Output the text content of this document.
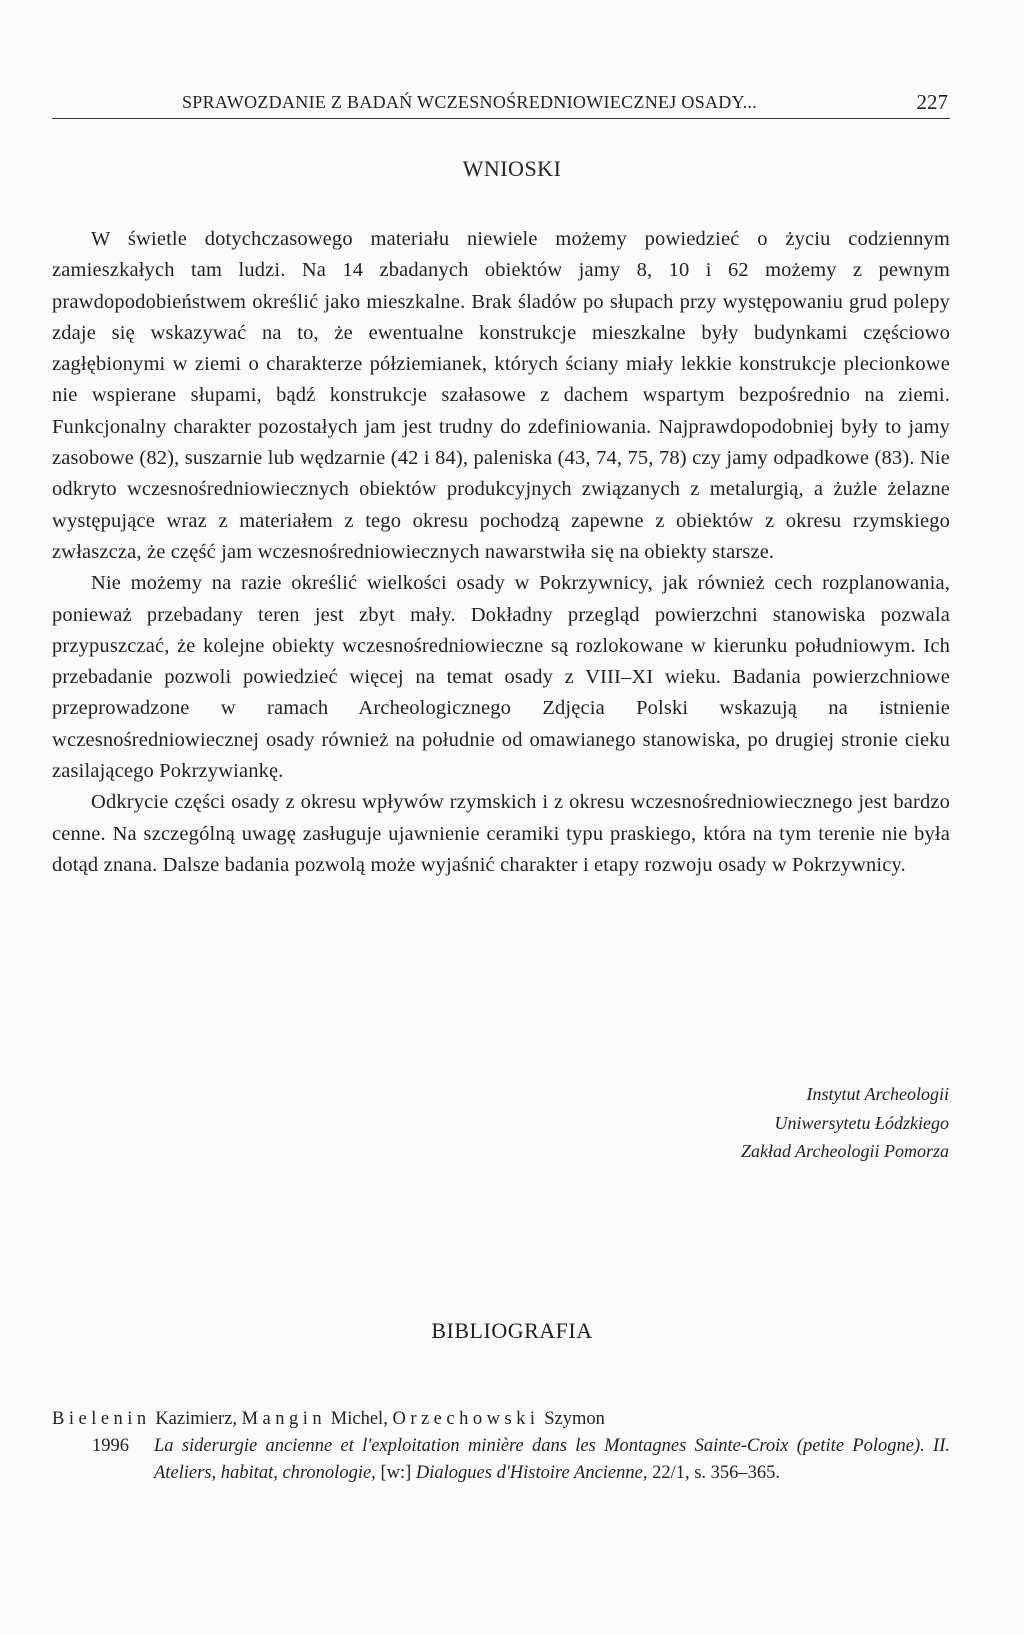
SPRAWOZDANIE Z BADAŃ WCZESNOŚREDNIOWIECZNEJ OSADY...	227
WNIOSKI

W świetle dotychczasowego materiału niewiele możemy powiedzieć o życiu codziennym zamieszkałych tam ludzi. Na 14 zbadanych obiektów jamy 8, 10 i 62 możemy z pewnym prawdopodobieństwem określić jako mieszkalne. Brak śladów po słupach przy występowaniu grud polepy zdaje się wskazywać na to, że ewentualne konstrukcje mieszkalne były budynkami częściowo zagłębionymi w ziemi o charakterze półziemianek, których ściany miały lekkie konstrukcje plecionkowe nie wspierane słupami, bądź konstrukcje szałasowe z dachem wspartym bezpośrednio na ziemi. Funkcjonalny charakter pozostałych jam jest trudny do zdefiniowania. Najprawdopodobniej były to jamy zasobowe (82), suszarnie lub wędzarnie (42 i 84), paleniska (43, 74, 75, 78) czy jamy odpadkowe (83). Nie odkryto wczesnośredniowiecznych obiektów produkcyjnych związanych z metalurgią, a żużle żelazne występujące wraz z materiałem z tego okresu pochodzą zapewne z obiektów z okresu rzymskiego zwłaszcza, że część jam wczesnośredniowiecznych nawarstwiła się na obiekty starsze.

Nie możemy na razie określić wielkości osady w Pokrzywnicy, jak również cech rozplanowania, ponieważ przebadany teren jest zbyt mały. Dokładny przegląd powierzchni stanowiska pozwala przypuszczać, że kolejne obiekty wczesnośredniowieczne są rozlokowane w kierunku południowym. Ich przebadanie pozwoli powiedzieć więcej na temat osady z VIII–XI wieku. Badania powierzchniowe przeprowadzone w ramach Archeologicznego Zdjęcia Polski wskazują na istnienie wczesnośredniowiecznej osady również na południe od omawianego stanowiska, po drugiej stronie cieku zasilającego Pokrzywiankę.

Odkrycie części osady z okresu wpływów rzymskich i z okresu wczesnośredniowiecznego jest bardzo cenne. Na szczególną uwagę zasługuje ujawnienie ceramiki typu praskiego, która na tym terenie nie była dotąd znana. Dalsze badania pozwolą może wyjaśnić charakter i etapy rozwoju osady w Pokrzywnicy.

Instytut Archeologii
Uniwersytetu Łódzkiego
Zakład Archeologii Pomorza
BIBLIOGRAFIA
Bielenin Kazimierz, Mangin Michel, Orzechowski Szymon
1996 La siderurgie ancienne et l'exploitation minière dans les Montagnes Sainte-Croix (petite Pologne). II. Ateliers, habitat, chronologie, [w:] Dialogues d'Histoire Ancienne, 22/1, s. 356–365.
